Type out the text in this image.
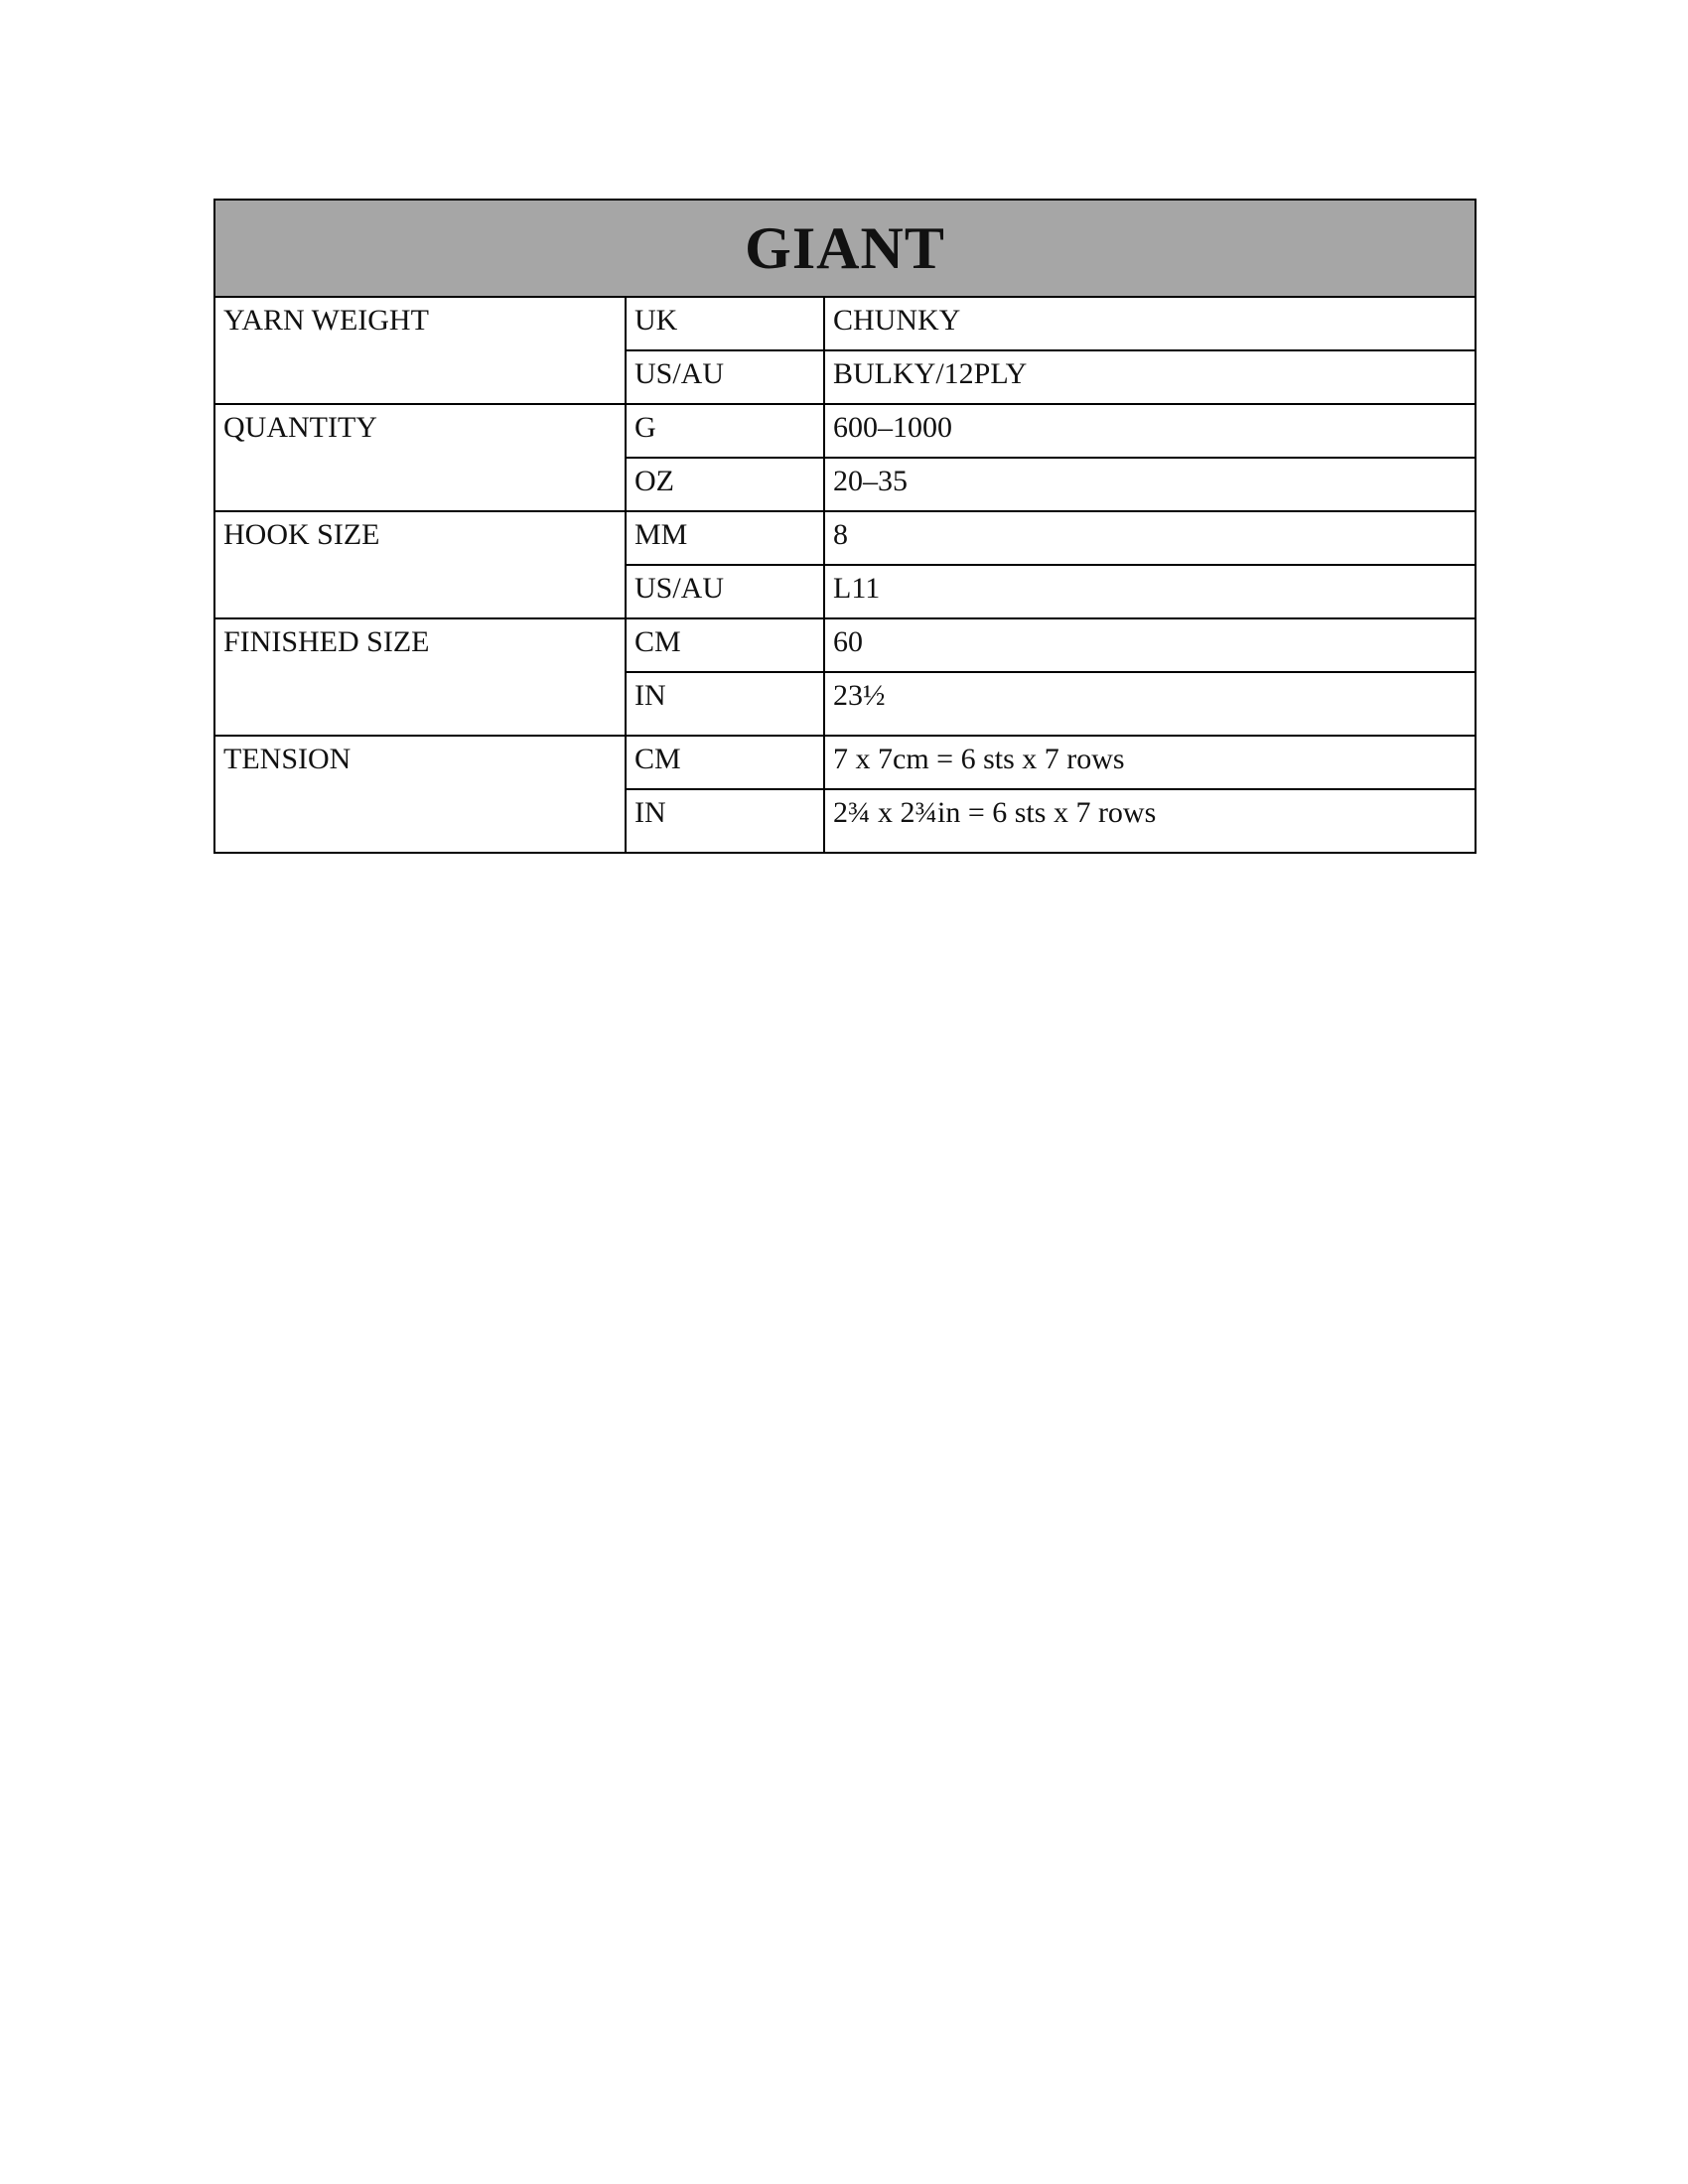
GIANT		
YARN WEIGHT	UK	CHUNKY
	US/AU	BULKY/12PLY
QUANTITY	G	600–1000
	OZ	20–35
HOOK SIZE	MM	8
	US/AU	L11
FINISHED SIZE	CM	60
	IN	23½
TENSION	CM	7 x 7cm = 6 sts x 7 rows
	IN	2¾ x 2¾in = 6 sts x 7 rows
